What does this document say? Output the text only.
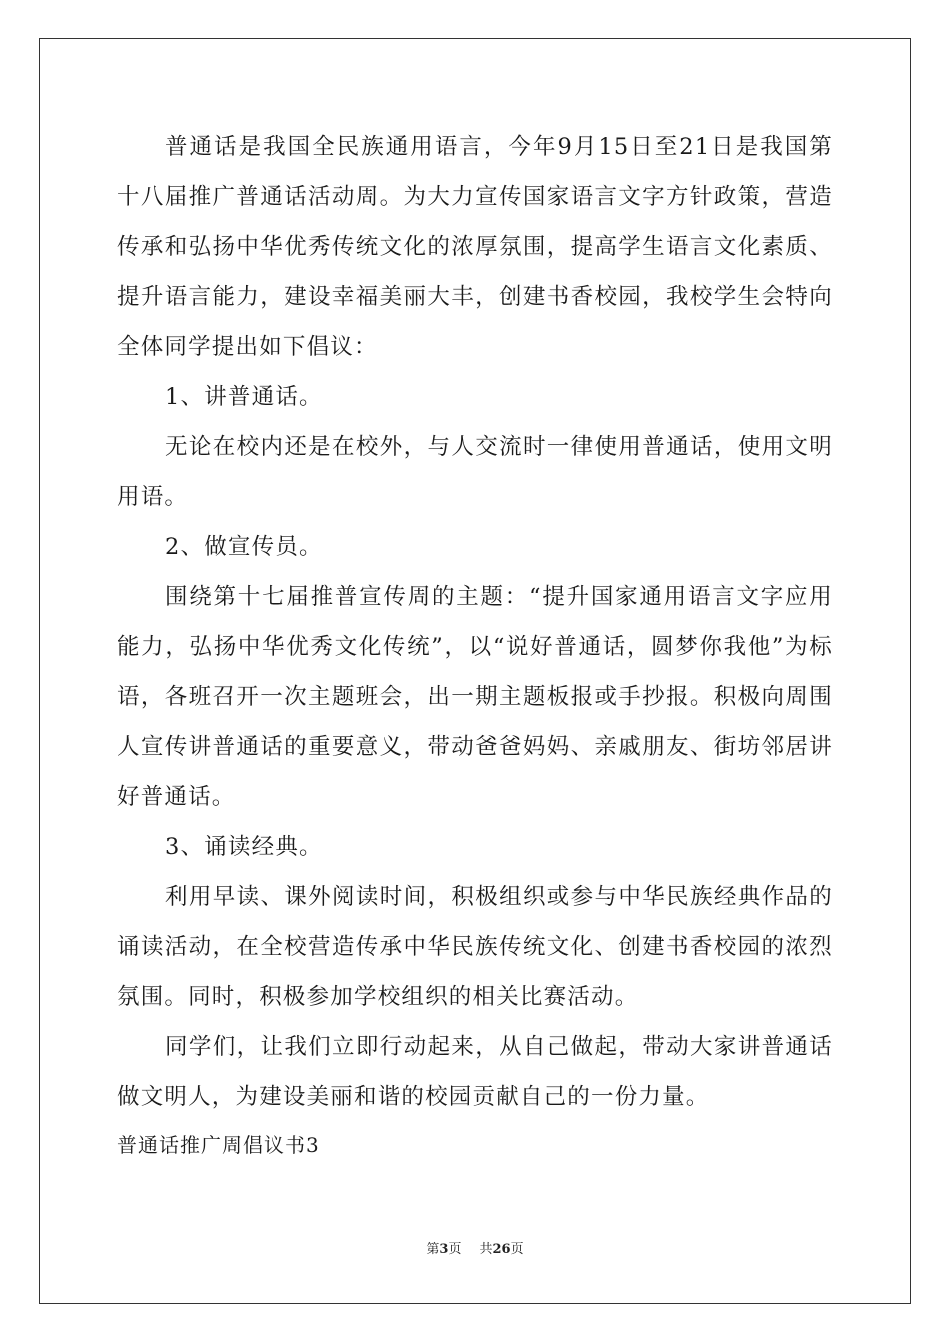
普通话是我国全民族通用语言，今年9月15日至21日是我国第十八届推广普通话活动周。为大力宣传国家语言文字方针政策，营造传承和弘扬中华优秀传统文化的浓厚氛围，提高学生语言文化素质、提升语言能力，建设幸福美丽大丰，创建书香校园，我校学生会特向全体同学提出如下倡议：

1、讲普通话。

无论在校内还是在校外，与人交流时一律使用普通话，使用文明用语。

2、做宣传员。

围绕第十七届推普宣传周的主题：“提升国家通用语言文字应用能力，弘扬中华优秀文化传统”，以“说好普通话，圆梦你我他”为标语，各班召开一次主题班会，出一期主题板报或手抄报。积极向周围人宣传讲普通话的重要意义，带动爸爸妈妈、亲戚朋友、街坊邻居讲好普通话。

3、诵读经典。

利用早读、课外阅读时间，积极组织或参与中华民族经典作品的诵读活动，在全校营造传承中华民族传统文化、创建书香校园的浓烈氛围。同时，积极参加学校组织的相关比赛活动。

同学们，让我们立即行动起来，从自己做起，带动大家讲普通话做文明人，为建设美丽和谐的校园贡献自己的一份力量。

普通话推广周倡议书3

第3页 共26页
